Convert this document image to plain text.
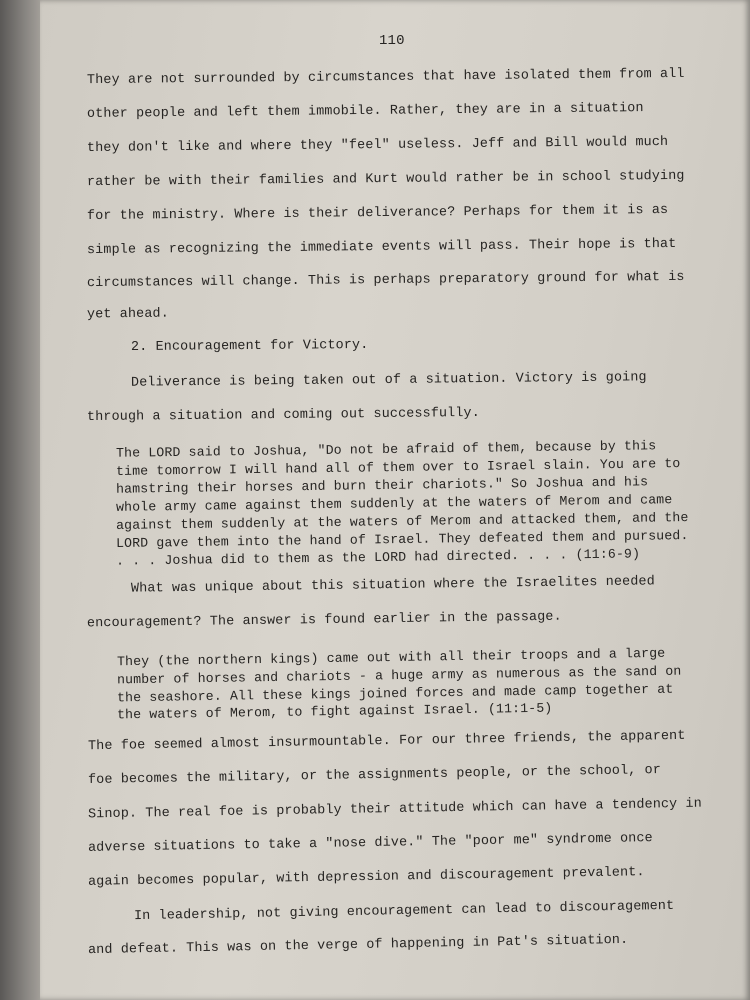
110
They are not surrounded by circumstances that have isolated them from all
other people and left them immobile. Rather, they are in a situation
they don't like and where they "feel" useless. Jeff and Bill would much
rather be with their families and Kurt would rather be in school studying
for the ministry. Where is their deliverance? Perhaps for them it is as
simple as recognizing the immediate events will pass. Their hope is that
circumstances will change. This is perhaps preparatory ground for what is
yet ahead.
2. Encouragement for Victory.
Deliverance is being taken out of a situation. Victory is going
through a situation and coming out successfully.
The LORD said to Joshua, "Do not be afraid of them, because by this
time tomorrow I will hand all of them over to Israel slain. You are to
hamstring their horses and burn their chariots." So Joshua and his
whole army came against them suddenly at the waters of Merom and came
against them suddenly at the waters of Merom and attacked them, and the
LORD gave them into the hand of Israel. They defeated them and pursued.
. . . Joshua did to them as the LORD had directed. . . . (11:6-9)
What was unique about this situation where the Israelites needed
encouragement? The answer is found earlier in the passage.
They (the northern kings) came out with all their troops and a large
number of horses and chariots - a huge army as numerous as the sand on
the seashore. All these kings joined forces and made camp together at
the waters of Merom, to fight against Israel. (11:1-5)
The foe seemed almost insurmountable. For our three friends, the apparent
foe becomes the military, or the assignments people, or the school, or
Sinop. The real foe is probably their attitude which can have a tendency in
adverse situations to take a "nose dive." The "poor me" syndrome once
again becomes popular, with depression and discouragement prevalent.
In leadership, not giving encouragement can lead to discouragement
and defeat. This was on the verge of happening in Pat's situation.
